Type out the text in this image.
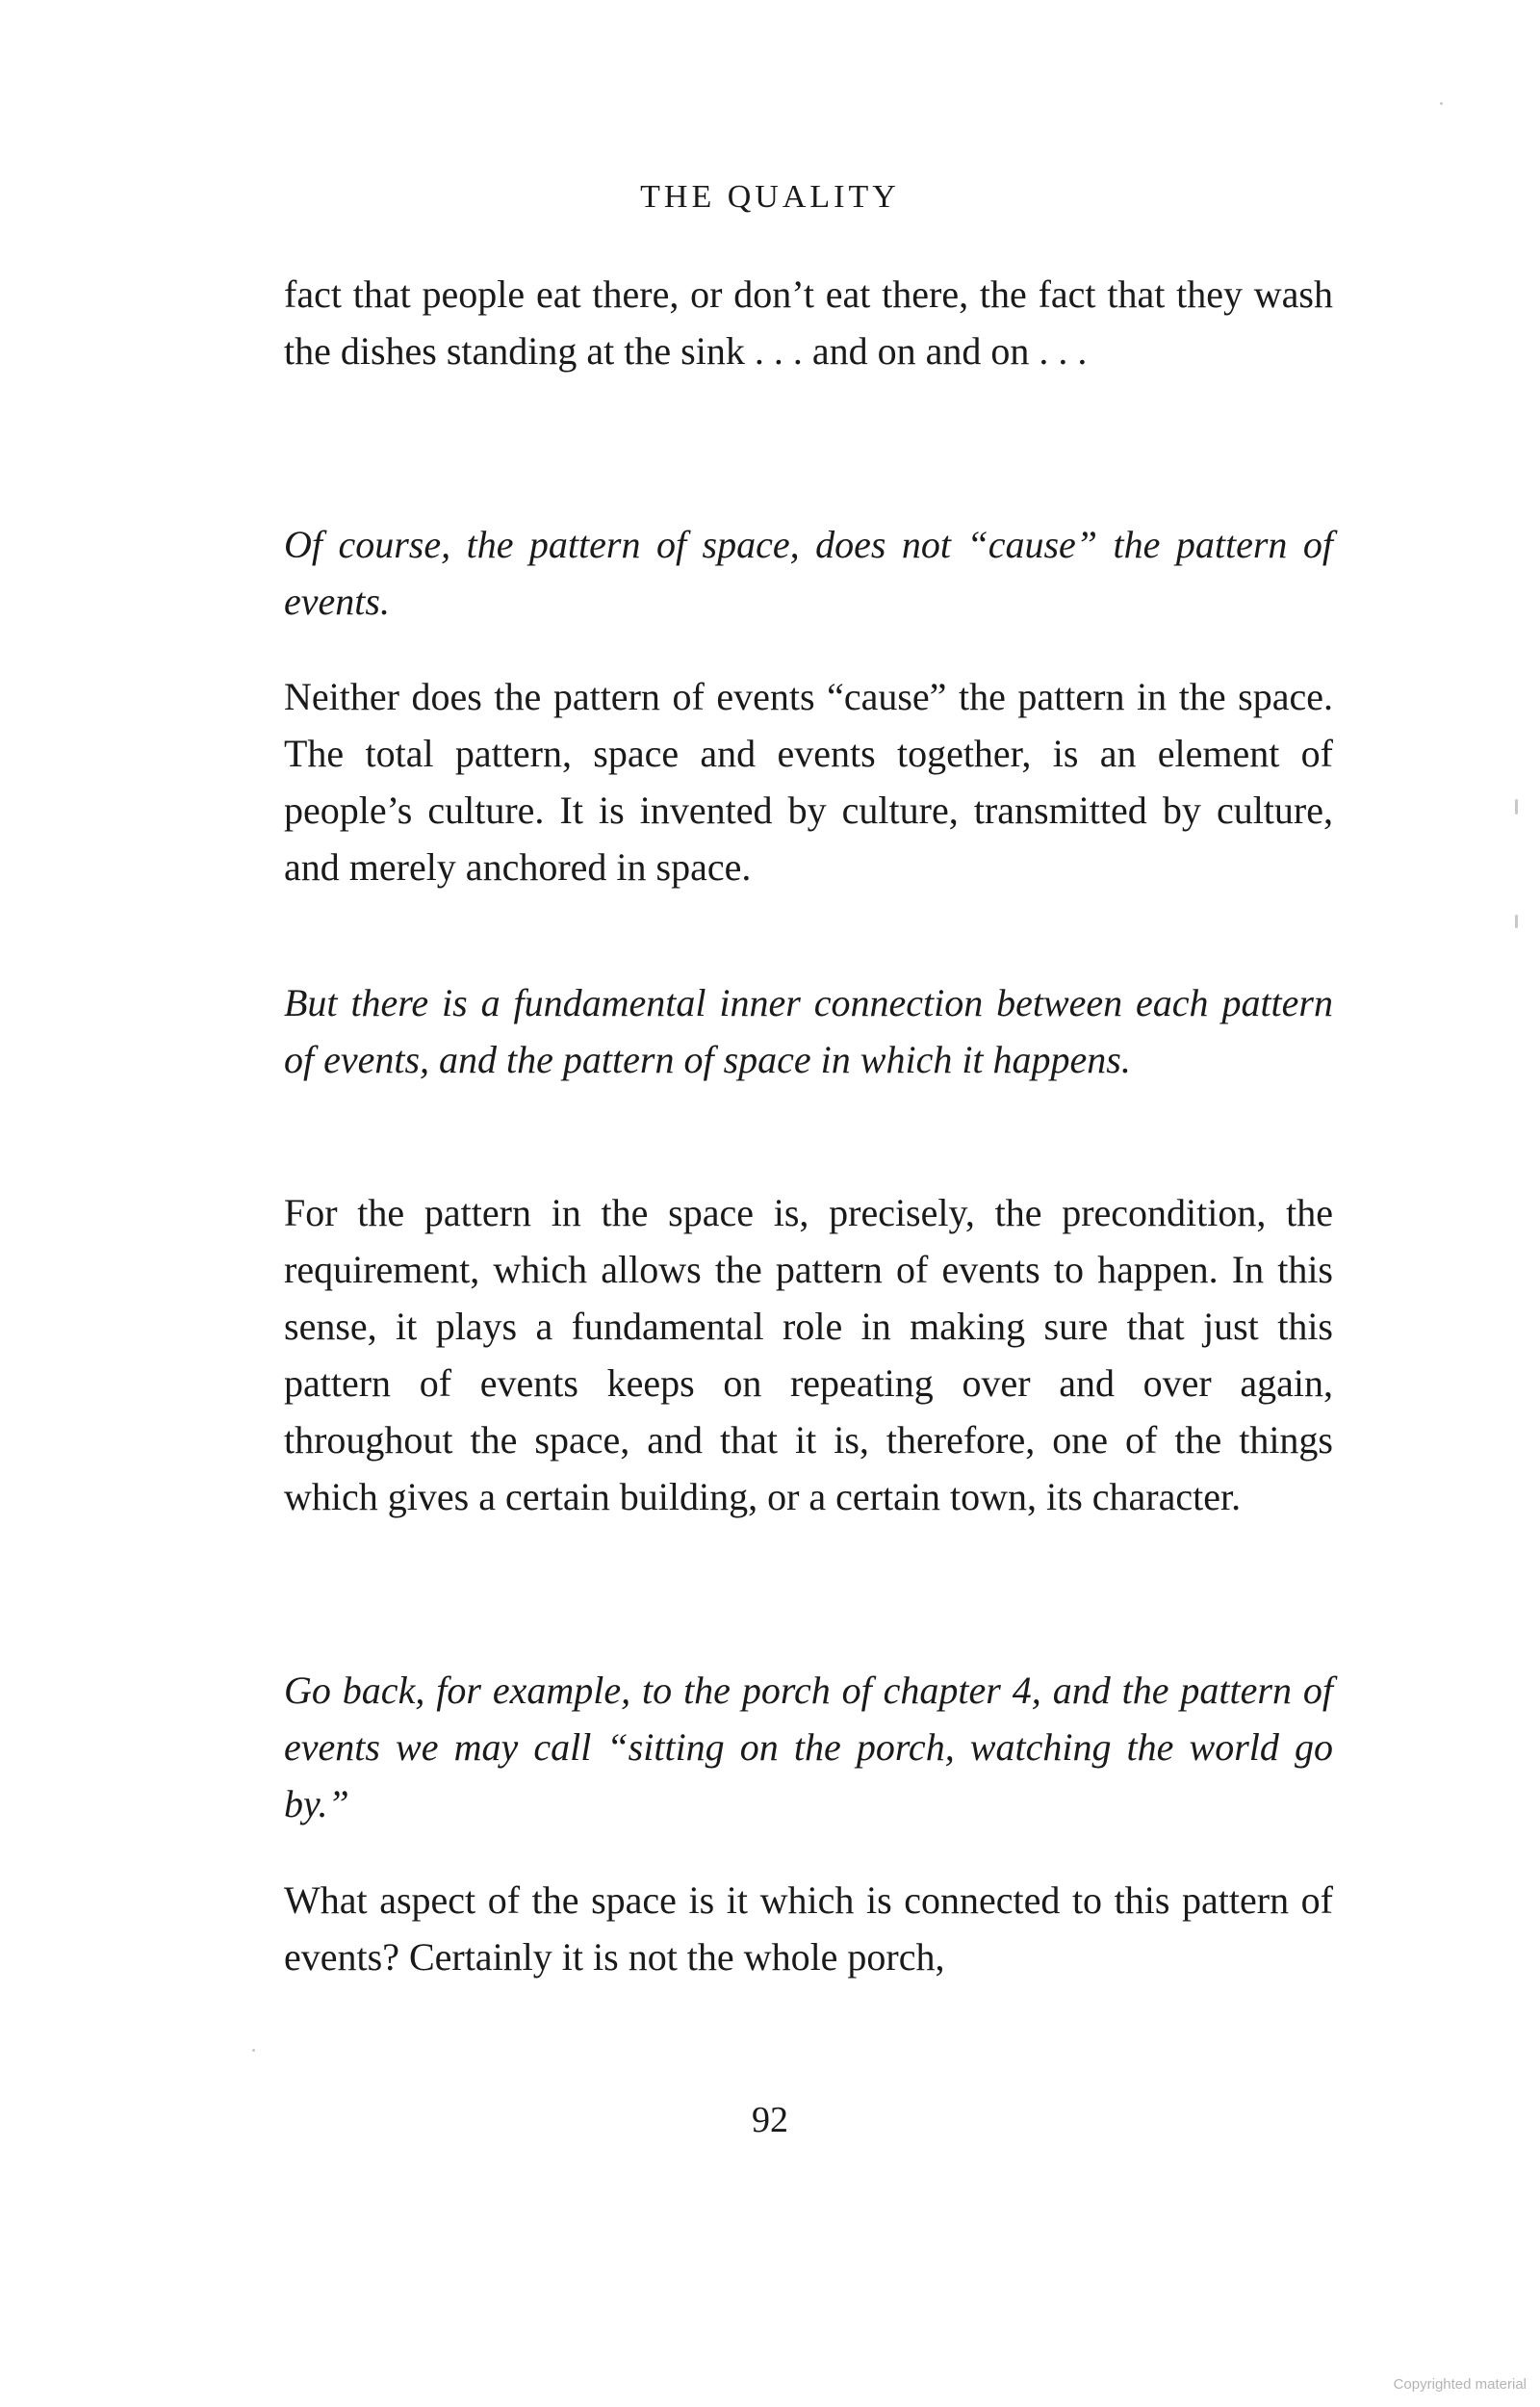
THE QUALITY

fact that people eat there, or don’t eat there, the fact that they wash the dishes standing at the sink . . . and on and on . . .

Of course, the pattern of space, does not “cause” the pattern of events.

Neither does the pattern of events “cause” the pattern in the space. The total pattern, space and events together, is an element of people’s culture. It is invented by culture, transmitted by culture, and merely anchored in space.

But there is a fundamental inner connection between each pattern of events, and the pattern of space in which it happens.

For the pattern in the space is, precisely, the precondition, the requirement, which allows the pattern of events to happen. In this sense, it plays a fundamental role in making sure that just this pattern of events keeps on repeating over and over again, throughout the space, and that it is, therefore, one of the things which gives a certain building, or a certain town, its character.

Go back, for example, to the porch of chapter 4, and the pattern of events we may call “sitting on the porch, watching the world go by.”

What aspect of the space is it which is connected to this pattern of events? Certainly it is not the whole porch,

92

Copyrighted material
